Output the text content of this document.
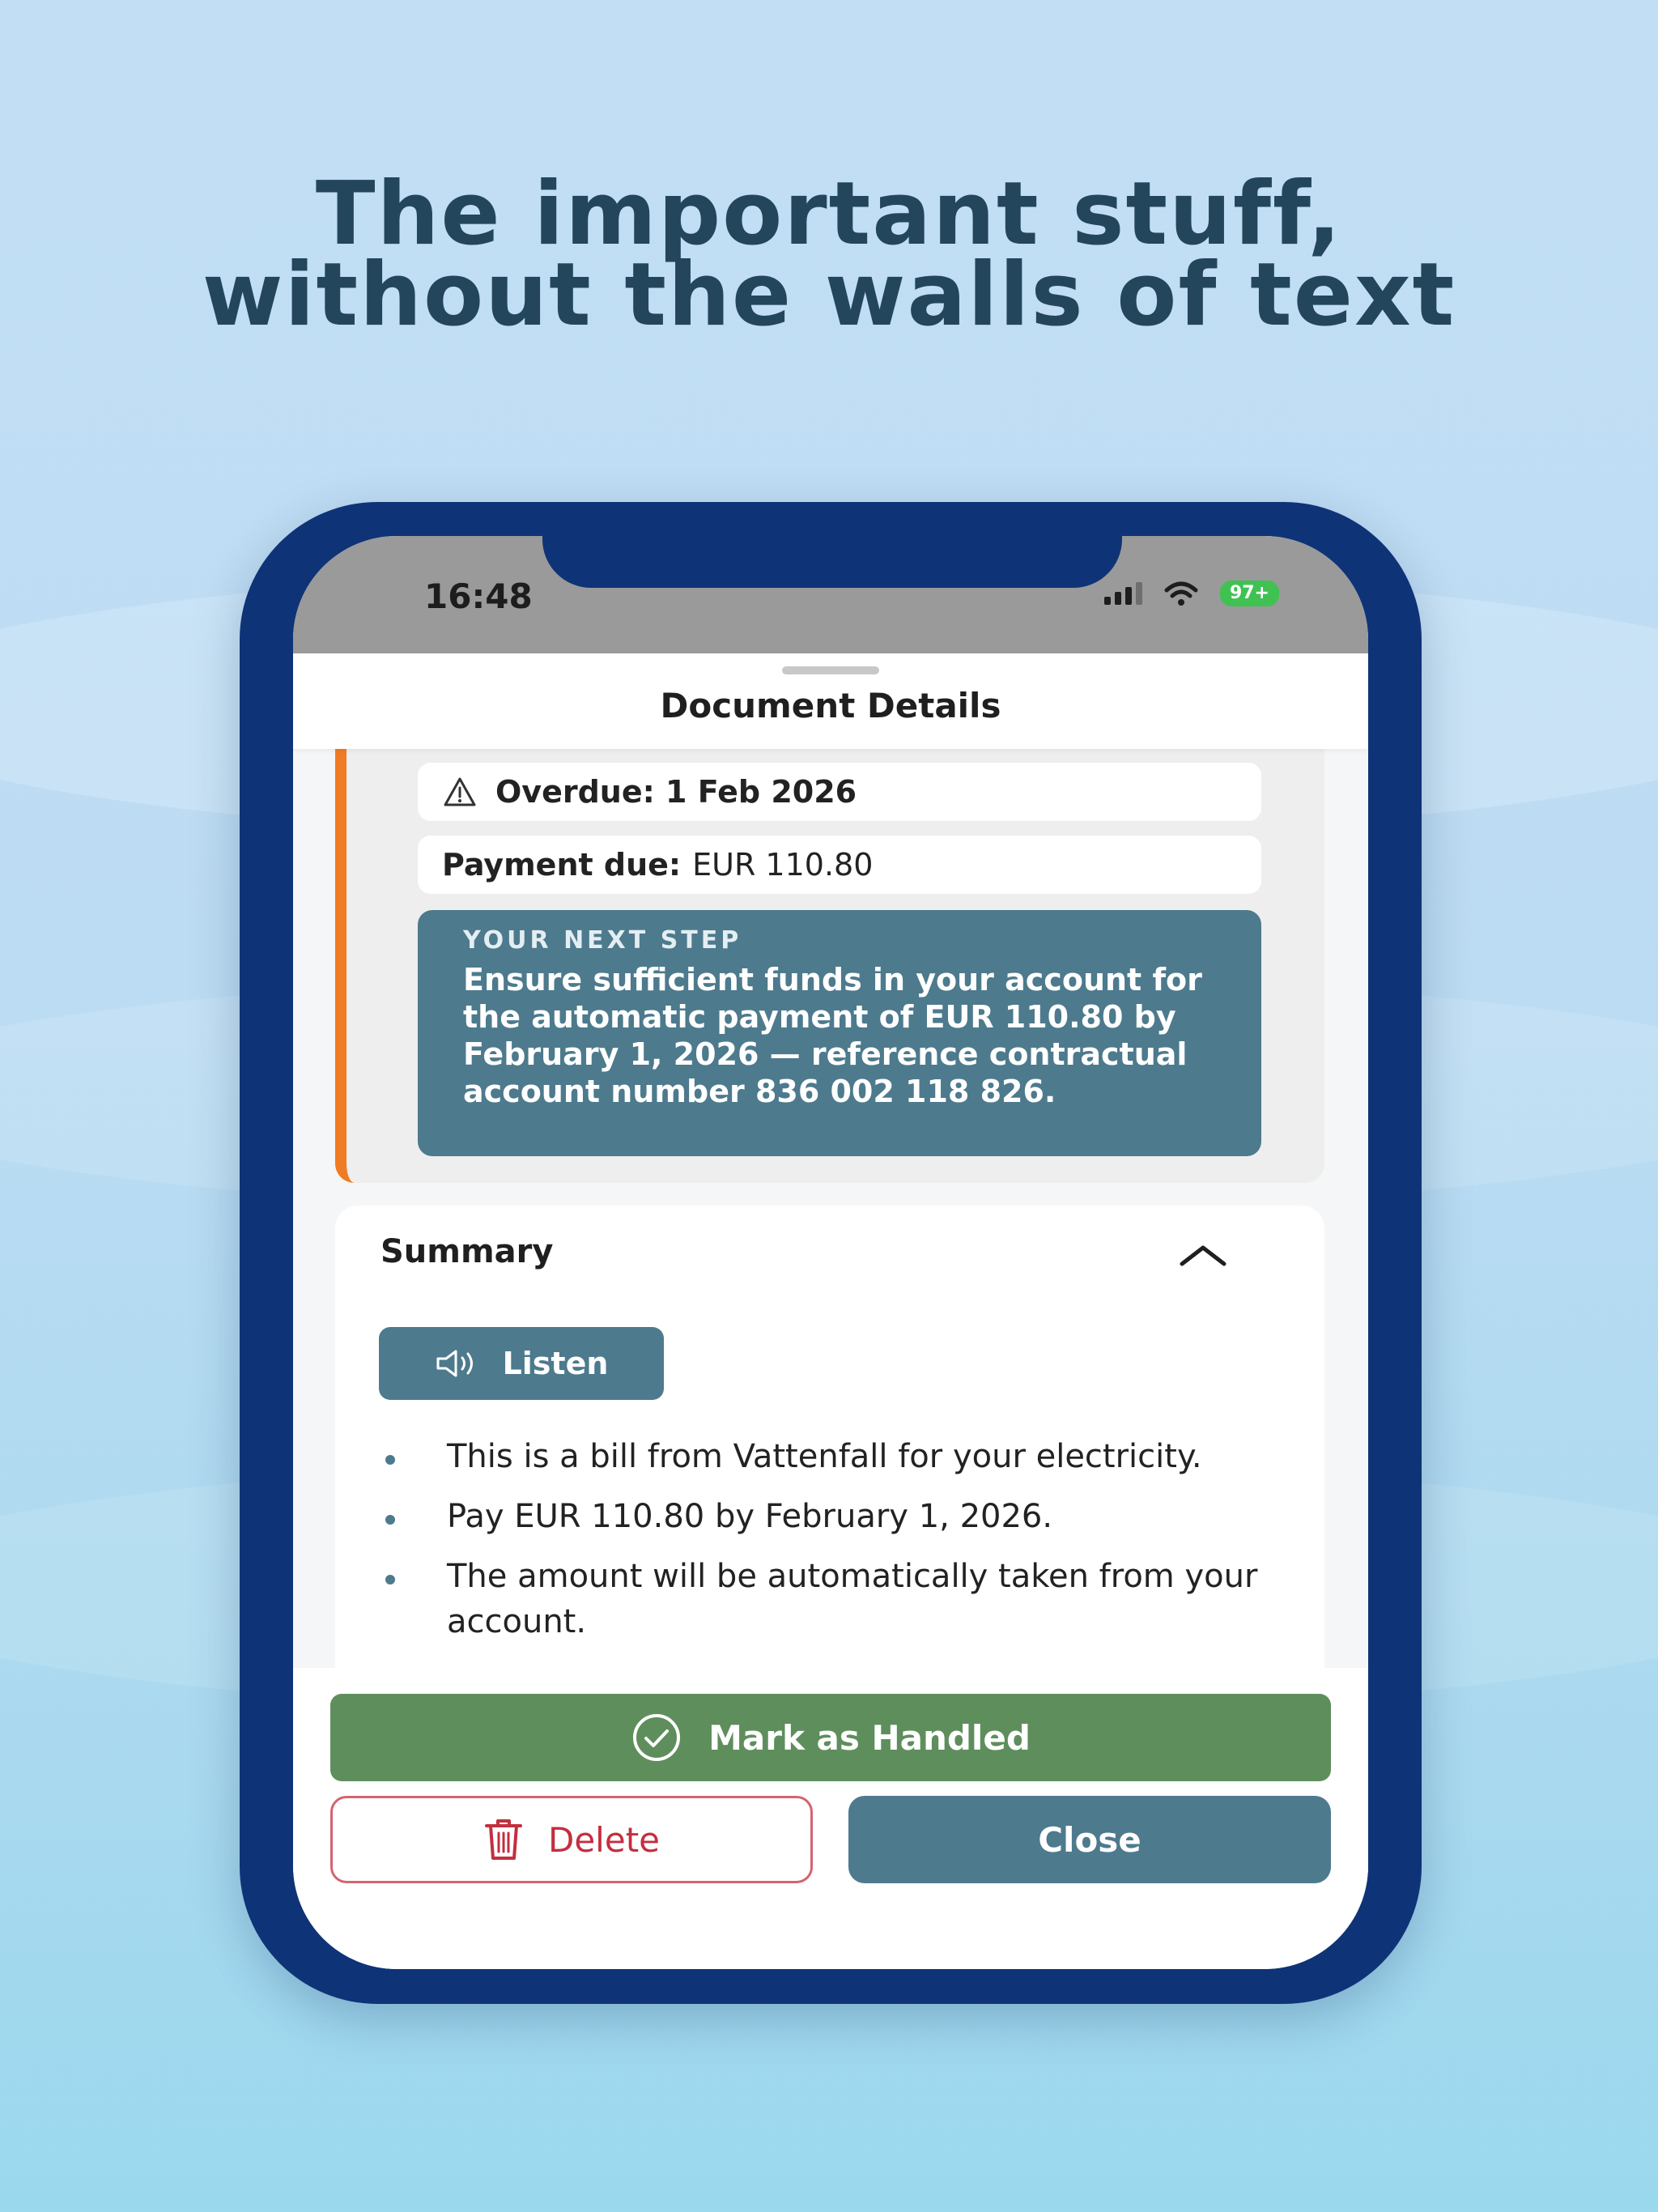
The important stuff,
without the walls of text
16:48	97+
Document Details
Overdue: 1 Feb 2026
Payment due: EUR 110.80
YOUR NEXT STEP
Ensure sufficient funds in your account for the automatic payment of EUR 110.80 by February 1, 2026 — reference contractual account number 836 002 118 826.
Summary
Listen
This is a bill from Vattenfall for your electricity.
Pay EUR 110.80 by February 1, 2026.
The amount will be automatically taken from your account.
Mark as Handled
Delete	Close
